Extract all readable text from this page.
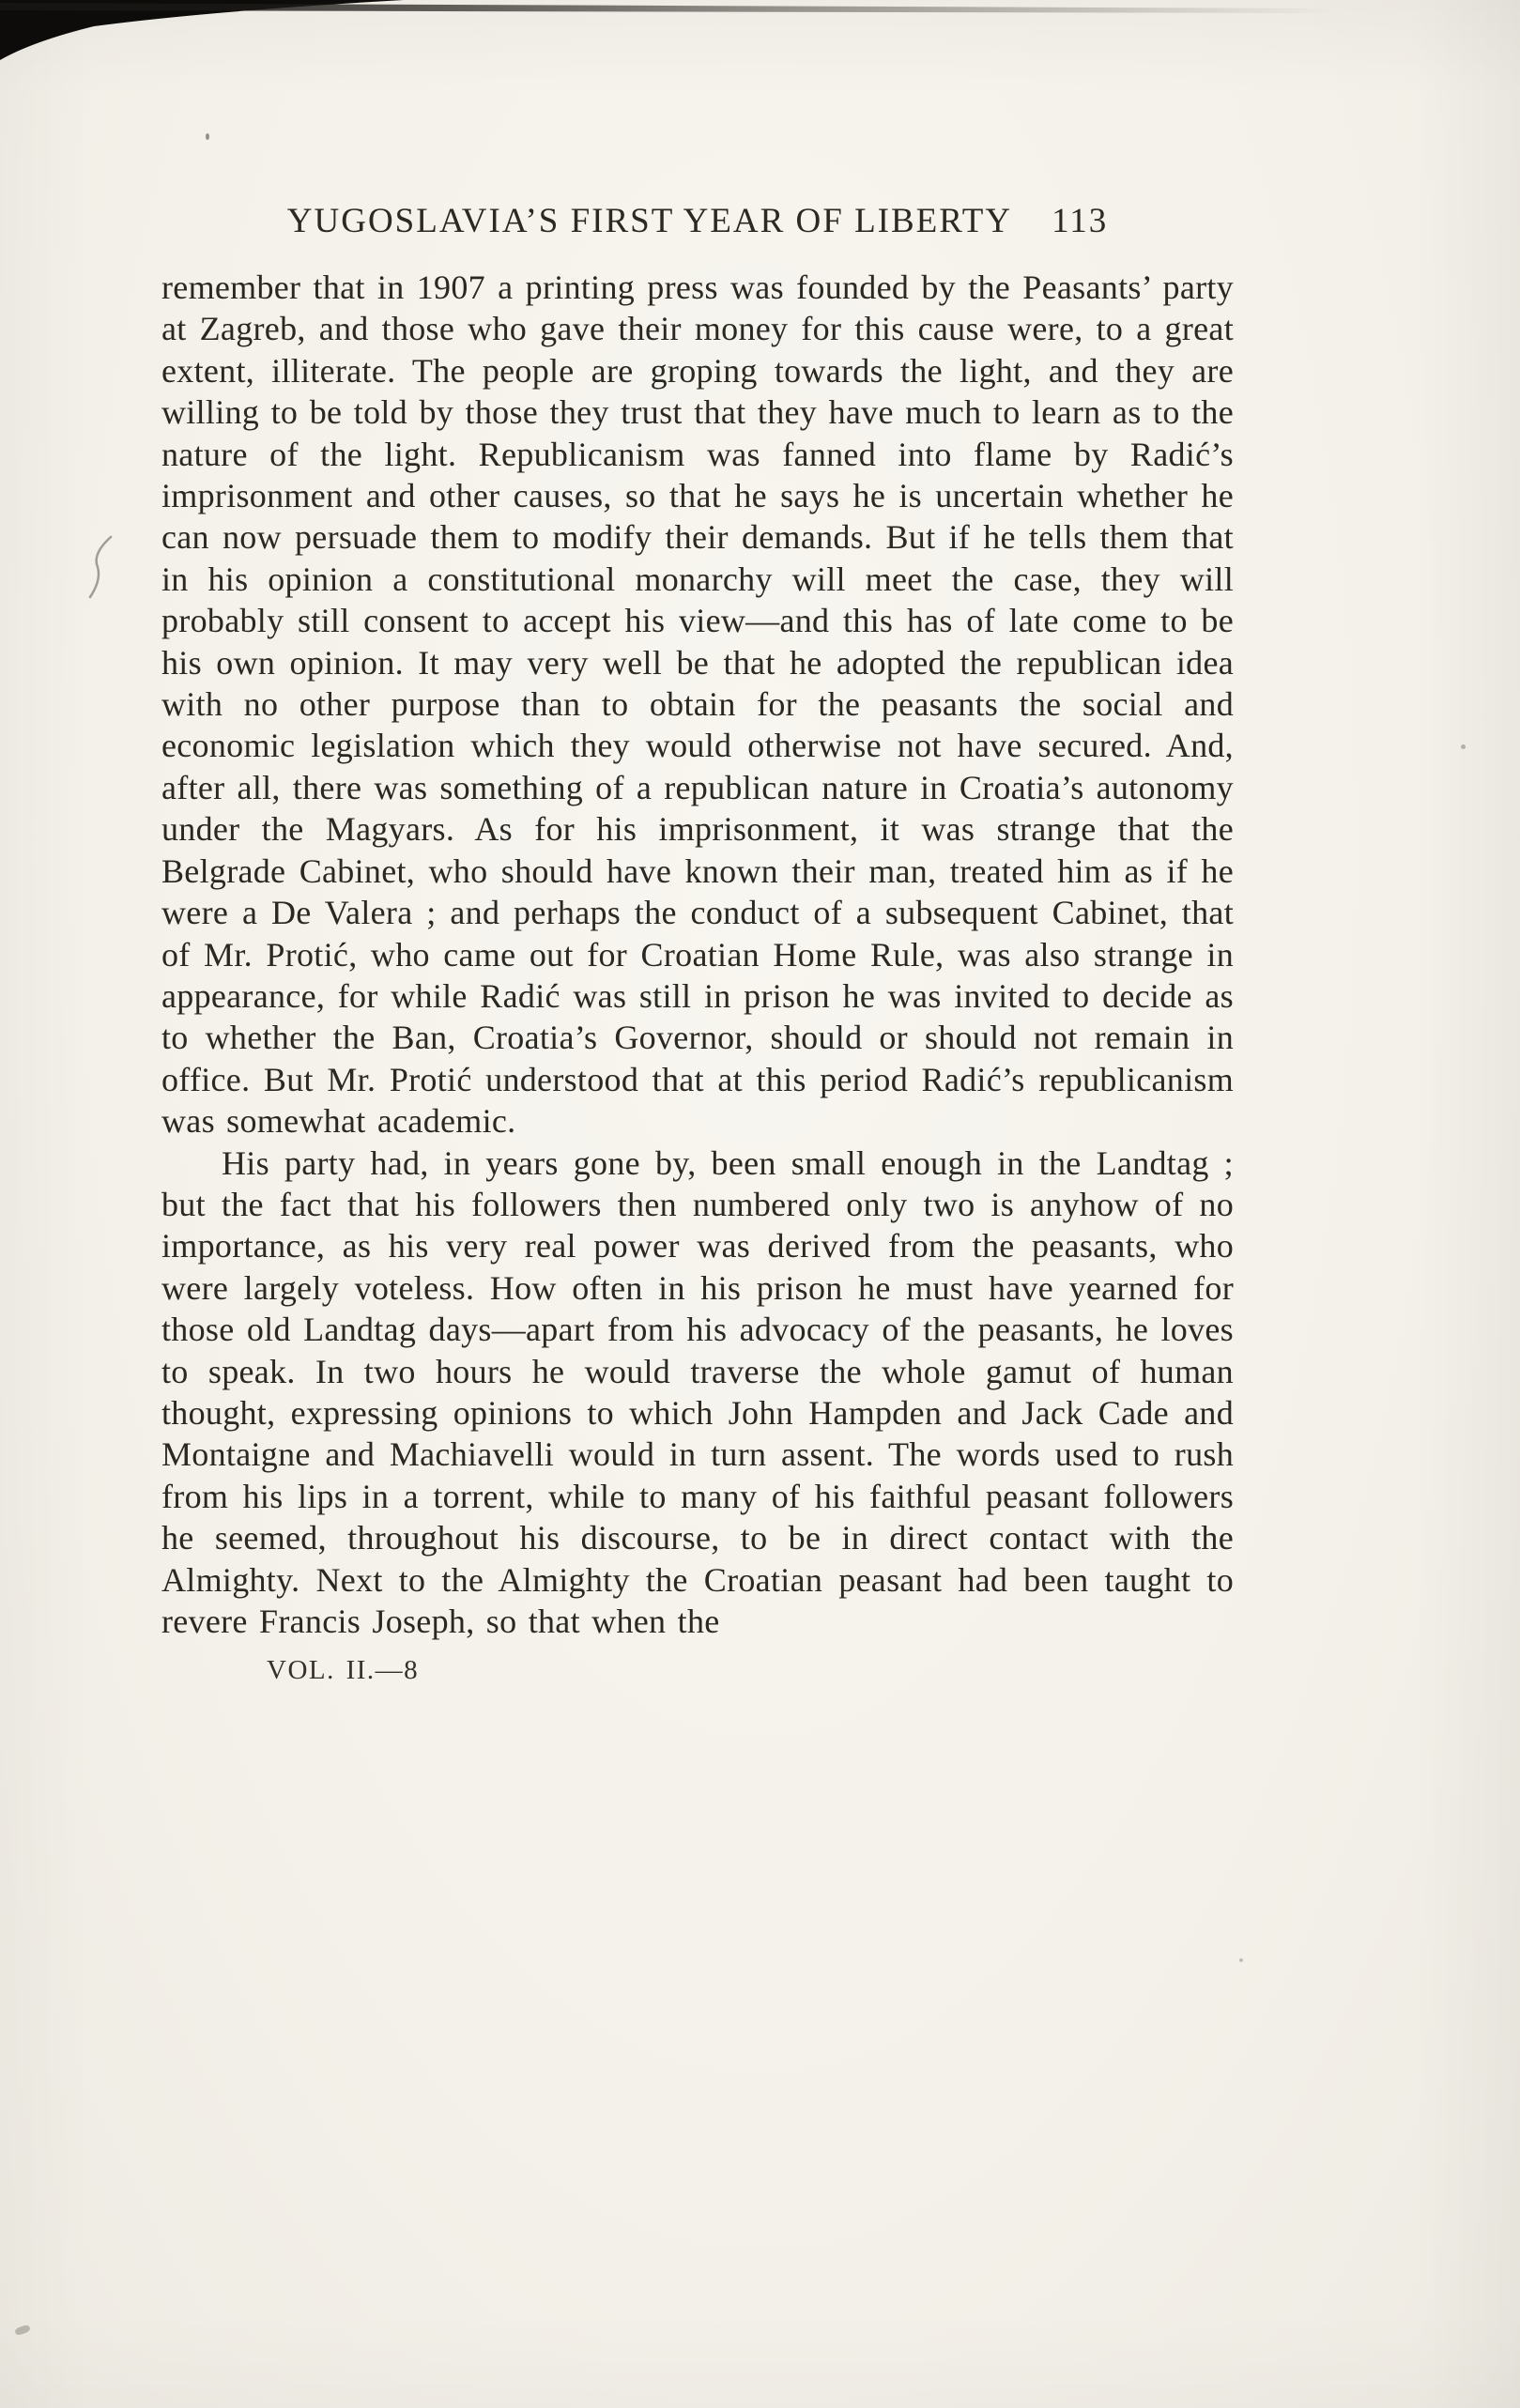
YUGOSLAVIA’S FIRST YEAR OF LIBERTY 113

remember that in 1907 a printing press was founded by the Peasants’ party at Zagreb, and those who gave their money for this cause were, to a great extent, illiterate. The people are groping towards the light, and they are willing to be told by those they trust that they have much to learn as to the nature of the light. Republicanism was fanned into flame by Radić’s imprisonment and other causes, so that he says he is uncertain whether he can now persuade them to modify their demands. But if he tells them that in his opinion a constitutional monarchy will meet the case, they will probably still consent to accept his view—and this has of late come to be his own opinion. It may very well be that he adopted the republican idea with no other purpose than to obtain for the peasants the social and economic legislation which they would otherwise not have secured. And, after all, there was something of a republican nature in Croatia’s autonomy under the Magyars. As for his imprisonment, it was strange that the Belgrade Cabinet, who should have known their man, treated him as if he were a De Valera ; and perhaps the conduct of a subsequent Cabinet, that of Mr. Protić, who came out for Croatian Home Rule, was also strange in appearance, for while Radić was still in prison he was invited to decide as to whether the Ban, Croatia’s Governor, should or should not remain in office. But Mr. Protić understood that at this period Radić’s republicanism was somewhat academic.

His party had, in years gone by, been small enough in the Landtag ; but the fact that his followers then numbered only two is anyhow of no importance, as his very real power was derived from the peasants, who were largely voteless. How often in his prison he must have yearned for those old Landtag days—apart from his advocacy of the peasants, he loves to speak. In two hours he would traverse the whole gamut of human thought, expressing opinions to which John Hampden and Jack Cade and Montaigne and Machiavelli would in turn assent. The words used to rush from his lips in a torrent, while to many of his faithful peasant followers he seemed, throughout his discourse, to be in direct contact with the Almighty. Next to the Almighty the Croatian peasant had been taught to revere Francis Joseph, so that when the

VOL. II.—8
